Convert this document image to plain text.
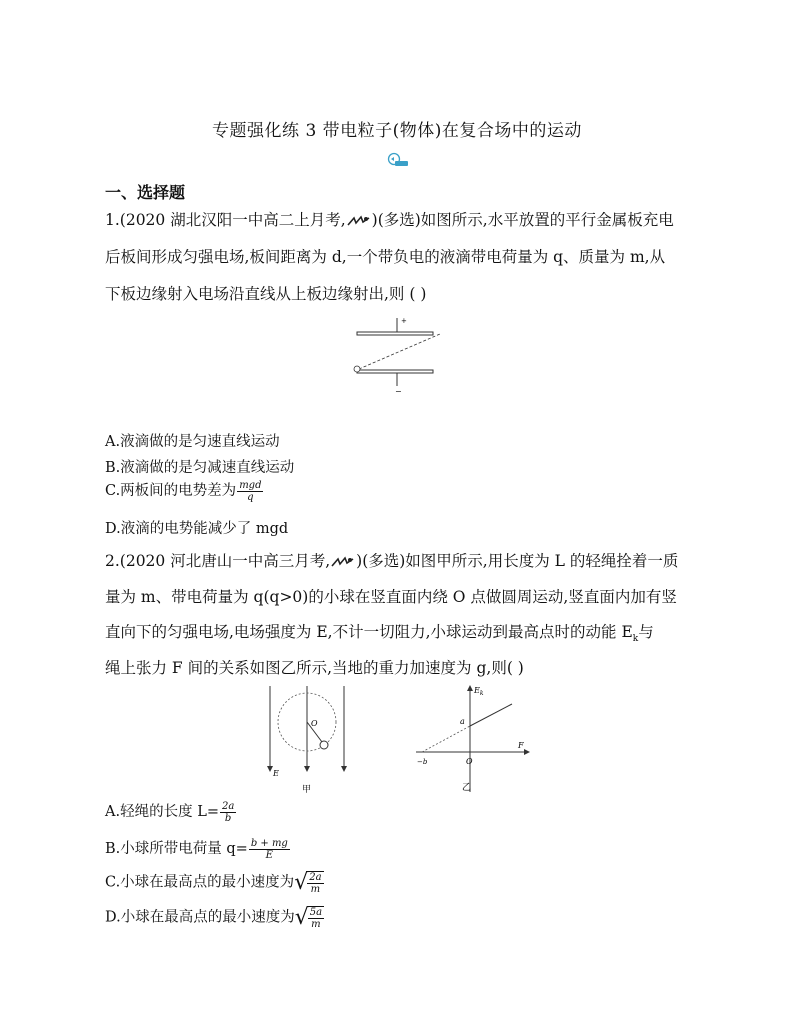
专题强化练 3 带电粒子(物体)在复合场中的运动
一、选择题
1.(2020 湖北汉阳一中高二上月考, )(多选)如图所示,水平放置的平行金属板充电
后板间形成匀强电场,板间距离为 d,一个带负电的液滴带电荷量为 q、质量为 m,从
下板边缘射入电场沿直线从上板边缘射出,则 ( )
+
−
A.液滴做的是匀速直线运动
B.液滴做的是匀减速直线运动
C.两板间的电势差为 $\frac{\text{mgd}}{q}$
D.液滴的电势能减少了 mgd
2.(2020 河北唐山一中高三月考, )(多选)如图甲所示,用长度为 L 的轻绳拴着一质
量为 m、带电荷量为 q(q>0)的小球在竖直面内绕 O 点做圆周运动,竖直面内加有竖
直向下的匀强电场,电场强度为 E,不计一切阻力,小球运动到最高点时的动能 $E_k$与
绳上张力 F 间的关系如图乙所示,当地的重力加速度为 g,则( )
O
E
甲
$E_k$
a
F
−b	O
乙
A.轻绳的长度 $L= \frac{2a}{b}$
B.小球所带电荷量 $q= \frac{b + mg}{E}$
C.小球在最高点的最小速度为√ $\frac{2a}{m}$
D.小球在最高点的最小速度为√ $\frac{5a}{m}$
